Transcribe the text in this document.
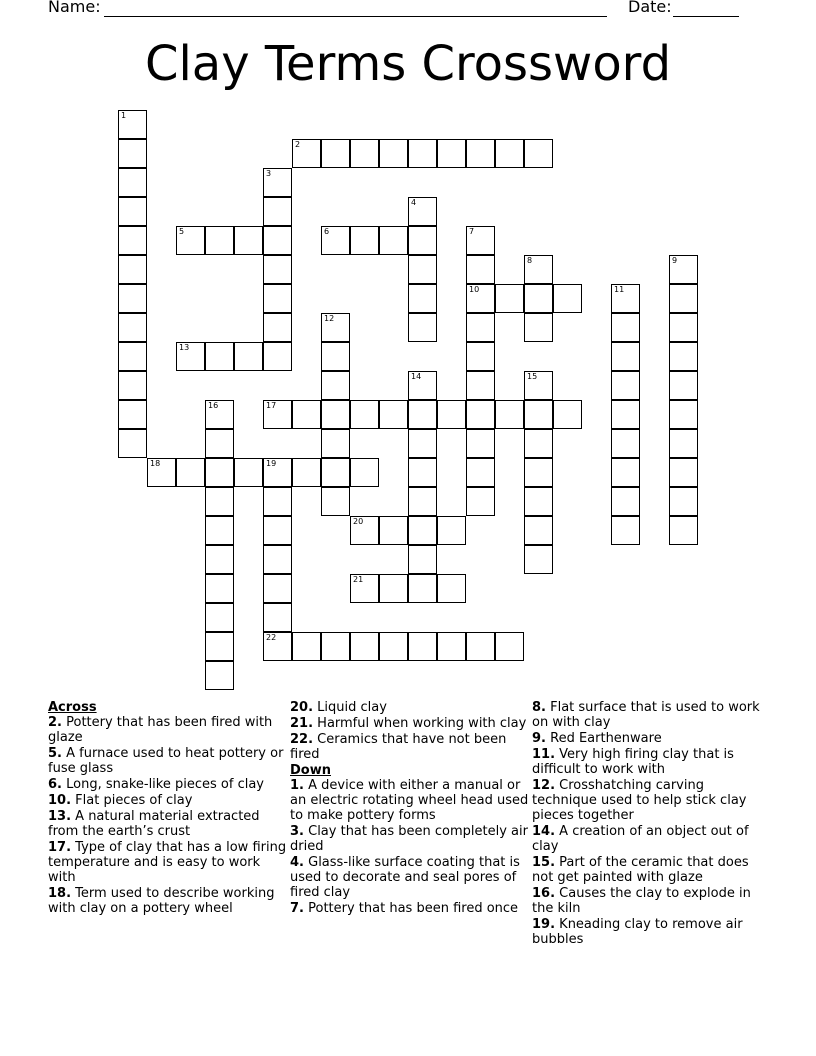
Name:	Date:
Clay Terms Crossword
1
2
3
4
5	6	7
10
8	9
11
12
13
14	15
16	17
18	19
20
21
22
Across
2. Pottery that has been fired with glaze
5. A furnace used to heat pottery or fuse glass
6. Long, snake-like pieces of clay
10. Flat pieces of clay
13. A natural material extracted from the earth’s crust
17. Type of clay that has a low firing temperature and is easy to work with
18. Term used to describe working with clay on a pottery wheel
20. Liquid clay
21. Harmful when working with clay
22. Ceramics that have not been fired
Down
1. A device with either a manual or an electric rotating wheel head used to make pottery forms
3. Clay that has been completely air dried
4. Glass-like surface coating that is used to decorate and seal pores of fired clay
7. Pottery that has been fired once
8. Flat surface that is used to work on with clay
9. Red Earthenware
11. Very high firing clay that is difficult to work with
12. Crosshatching carving technique used to help stick clay pieces together
14. A creation of an object out of clay
15. Part of the ceramic that does not get painted with glaze
16. Causes the clay to explode in the kiln
19. Kneading clay to remove air bubbles
